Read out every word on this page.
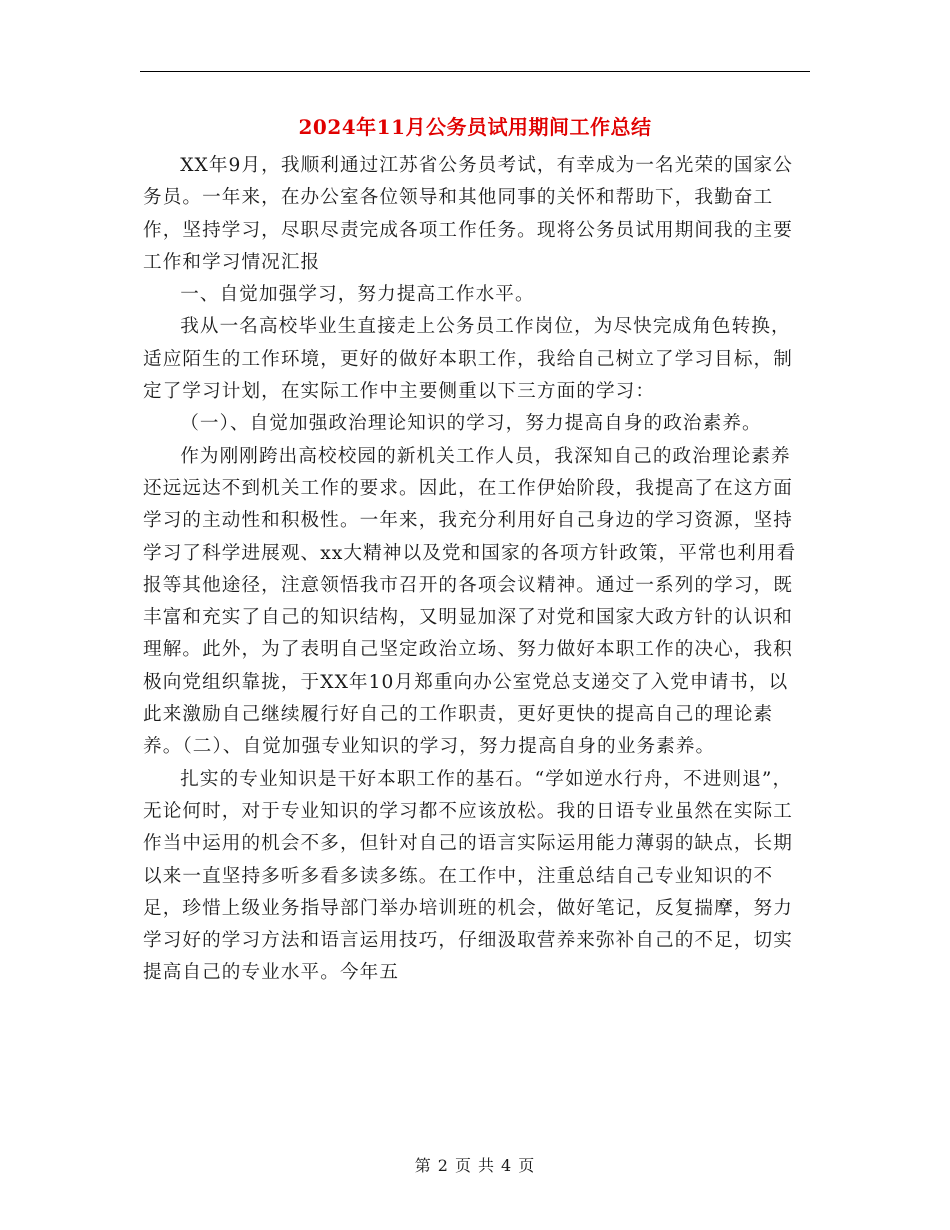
2024年11月公务员试用期间工作总结

XX年9月，我顺利通过江苏省公务员考试，有幸成为一名光荣的国家公务员。一年来，在办公室各位领导和其他同事的关怀和帮助下，我勤奋工作，坚持学习，尽职尽责完成各项工作任务。现将公务员试用期间我的主要工作和学习情况汇报

一、自觉加强学习，努力提高工作水平。

我从一名高校毕业生直接走上公务员工作岗位，为尽快完成角色转换，适应陌生的工作环境，更好的做好本职工作，我给自己树立了学习目标，制定了学习计划，在实际工作中主要侧重以下三方面的学习：

（一）、自觉加强政治理论知识的学习，努力提高自身的政治素养。

作为刚刚跨出高校校园的新机关工作人员，我深知自己的政治理论素养还远远达不到机关工作的要求。因此，在工作伊始阶段，我提高了在这方面学习的主动性和积极性。一年来，我充分利用好自己身边的学习资源，坚持学习了科学进展观、xx大精神以及党和国家的各项方针政策，平常也利用看报等其他途径，注意领悟我市召开的各项会议精神。通过一系列的学习，既丰富和充实了自己的知识结构，又明显加深了对党和国家大政方针的认识和理解。此外，为了表明自己坚定政治立场、努力做好本职工作的决心，我积极向党组织靠拢，于XX年10月郑重向办公室党总支递交了入党申请书，以此来激励自己继续履行好自己的工作职责，更好更快的提高自己的理论素养。（二）、自觉加强专业知识的学习，努力提高自身的业务素养。

扎实的专业知识是干好本职工作的基石。“学如逆水行舟，不进则退”，无论何时，对于专业知识的学习都不应该放松。我的日语专业虽然在实际工作当中运用的机会不多，但针对自己的语言实际运用能力薄弱的缺点，长期以来一直坚持多听多看多读多练。在工作中，注重总结自己专业知识的不足，珍惜上级业务指导部门举办培训班的机会，做好笔记，反复揣摩，努力学习好的学习方法和语言运用技巧，仔细汲取营养来弥补自己的不足，切实提高自己的专业水平。今年五

第 2 页 共 4 页
